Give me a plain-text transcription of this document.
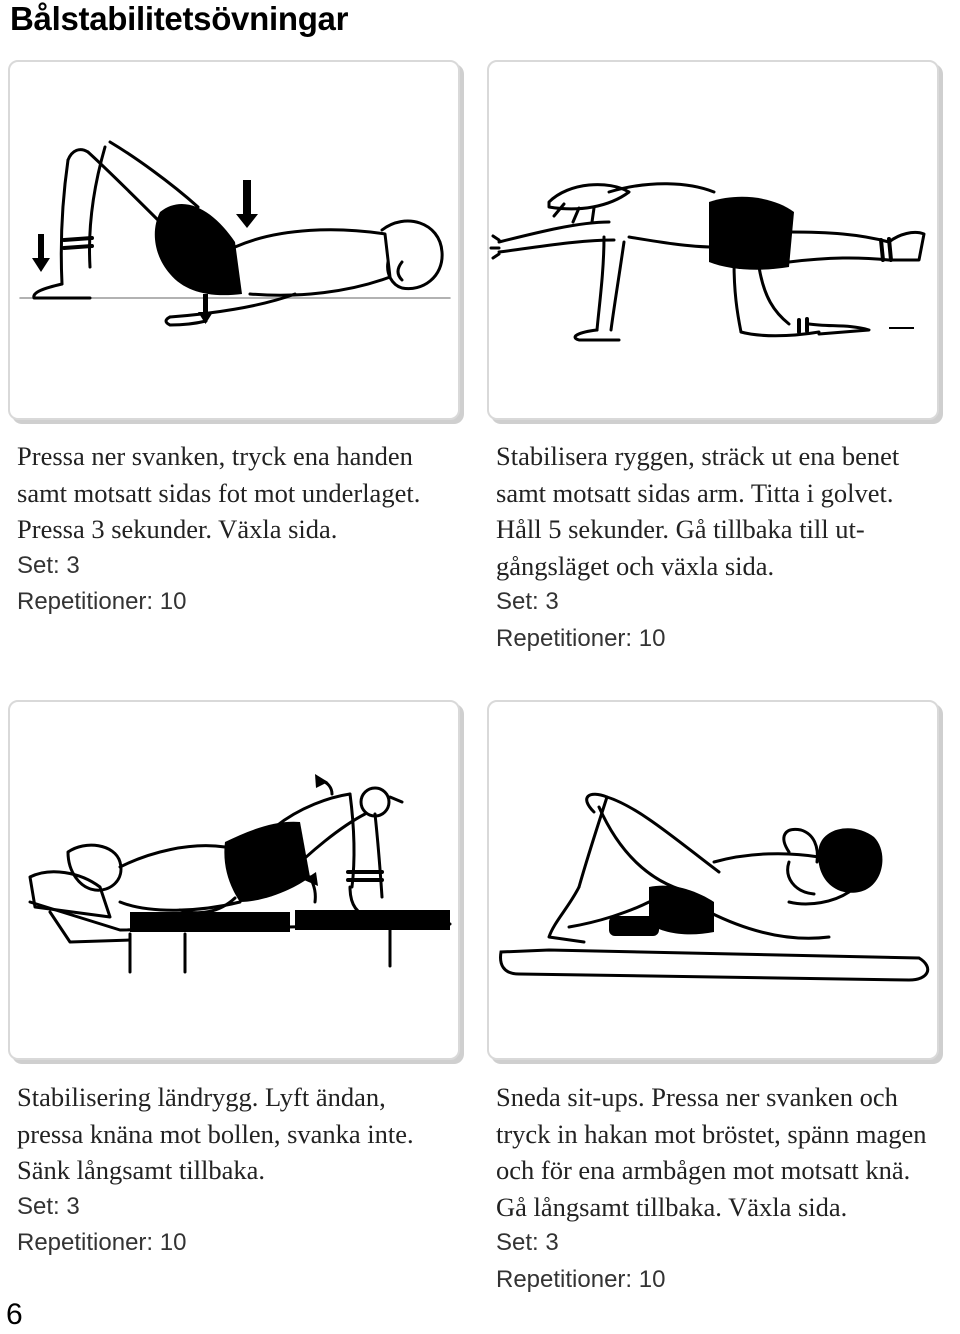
Bålstabilitetsövningar
Pressa ner svanken, tryck ena handen
samt motsatt sidas fot mot underlaget.
Pressa 3 sekunder. Växla sida.
Set: 3
Repetitioner: 10
Stabilisera ryggen, sträck ut ena benet
samt motsatt sidas arm. Titta i golvet.
Håll 5 sekunder. Gå tillbaka till ut-
gångsläget och växla sida.
Set: 3
Repetitioner: 10
Stabilisering ländrygg. Lyft ändan,
pressa knäna mot bollen, svanka inte.
Sänk långsamt tillbaka.
Set: 3
Repetitioner: 10
Sneda sit-ups. Pressa ner svanken och
tryck in hakan mot bröstet, spänn magen
och för ena armbågen mot motsatt knä.
Gå långsamt tillbaka. Växla sida.
Set: 3
Repetitioner: 10
6
